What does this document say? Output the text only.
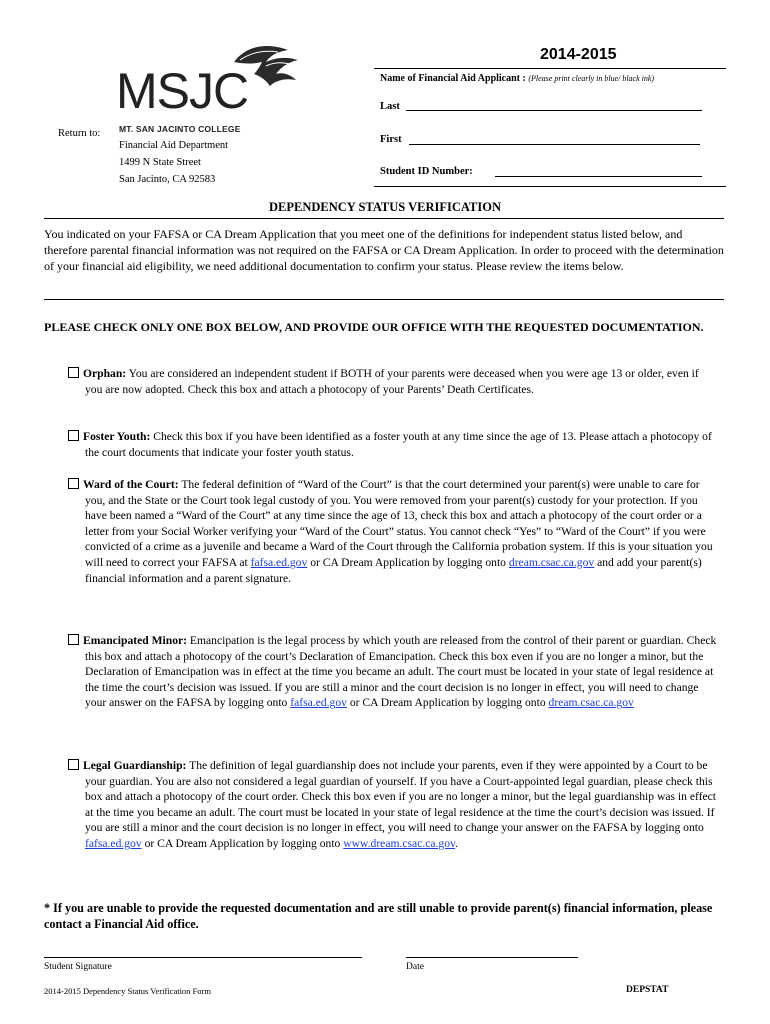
MSJC
MT. SAN JACINTO COLLEGE
Return to:
Financial Aid Department
1499 N State Street
San Jacinto, CA 92583
2014-2015
Name of Financial Aid Applicant : (Please print clearly in blue/ black ink)
Last
First
Student ID Number:
DEPENDENCY STATUS VERIFICATION
You indicated on your FAFSA or CA Dream Application that you meet one of the definitions for independent status listed below, and therefore parental financial information was not required on the FAFSA or CA Dream Application. In order to proceed with the determination of your financial aid eligibility, we need additional documentation to confirm your status. Please review the items below.
PLEASE CHECK ONLY ONE BOX BELOW, AND PROVIDE OUR OFFICE WITH THE REQUESTED DOCUMENTATION.
Orphan: You are considered an independent student if BOTH of your parents were deceased when you were age 13 or older, even if you are now adopted. Check this box and attach a photocopy of your Parents’ Death Certificates.
Foster Youth: Check this box if you have been identified as a foster youth at any time since the age of 13. Please attach a photocopy of the court documents that indicate your foster youth status.
Ward of the Court: The federal definition of “Ward of the Court” is that the court determined your parent(s) were unable to care for you, and the State or the Court took legal custody of you. You were removed from your parent(s) custody for your protection. If you have been named a “Ward of the Court” at any time since the age of 13, check this box and attach a photocopy of the court order or a letter from your Social Worker verifying your “Ward of the Court” status. You cannot check “Yes” to “Ward of the Court” if you were convicted of a crime as a juvenile and became a Ward of the Court through the California probation system. If this is your situation you will need to correct your FAFSA at fafsa.ed.gov or CA Dream Application by logging onto dream.csac.ca.gov and add your parent(s) financial information and a parent signature.
Emancipated Minor: Emancipation is the legal process by which youth are released from the control of their parent or guardian. Check this box and attach a photocopy of the court’s Declaration of Emancipation. Check this box even if you are no longer a minor, but the Declaration of Emancipation was in effect at the time you became an adult. The court must be located in your state of legal residence at the time the court’s decision was issued. If you are still a minor and the court decision is no longer in effect, you will need to change your answer on the FAFSA by logging onto fafsa.ed.gov or CA Dream Application by logging onto dream.csac.ca.gov
Legal Guardianship: The definition of legal guardianship does not include your parents, even if they were appointed by a Court to be your guardian. You are also not considered a legal guardian of yourself. If you have a Court-appointed legal guardian, please check this box and attach a photocopy of the court order. Check this box even if you are no longer a minor, but the legal guardianship was in effect at the time you became an adult. The court must be located in your state of legal residence at the time the court’s decision was issued. If you are still a minor and the court decision is no longer in effect, you will need to change your answer on the FAFSA by logging onto fafsa.ed.gov or CA Dream Application by logging onto www.dream.csac.ca.gov.
* If you are unable to provide the requested documentation and are still unable to provide parent(s) financial information, please contact a Financial Aid office.
Student Signature	Date
2014-2015 Dependency Status Verification Form	DEPSTAT
